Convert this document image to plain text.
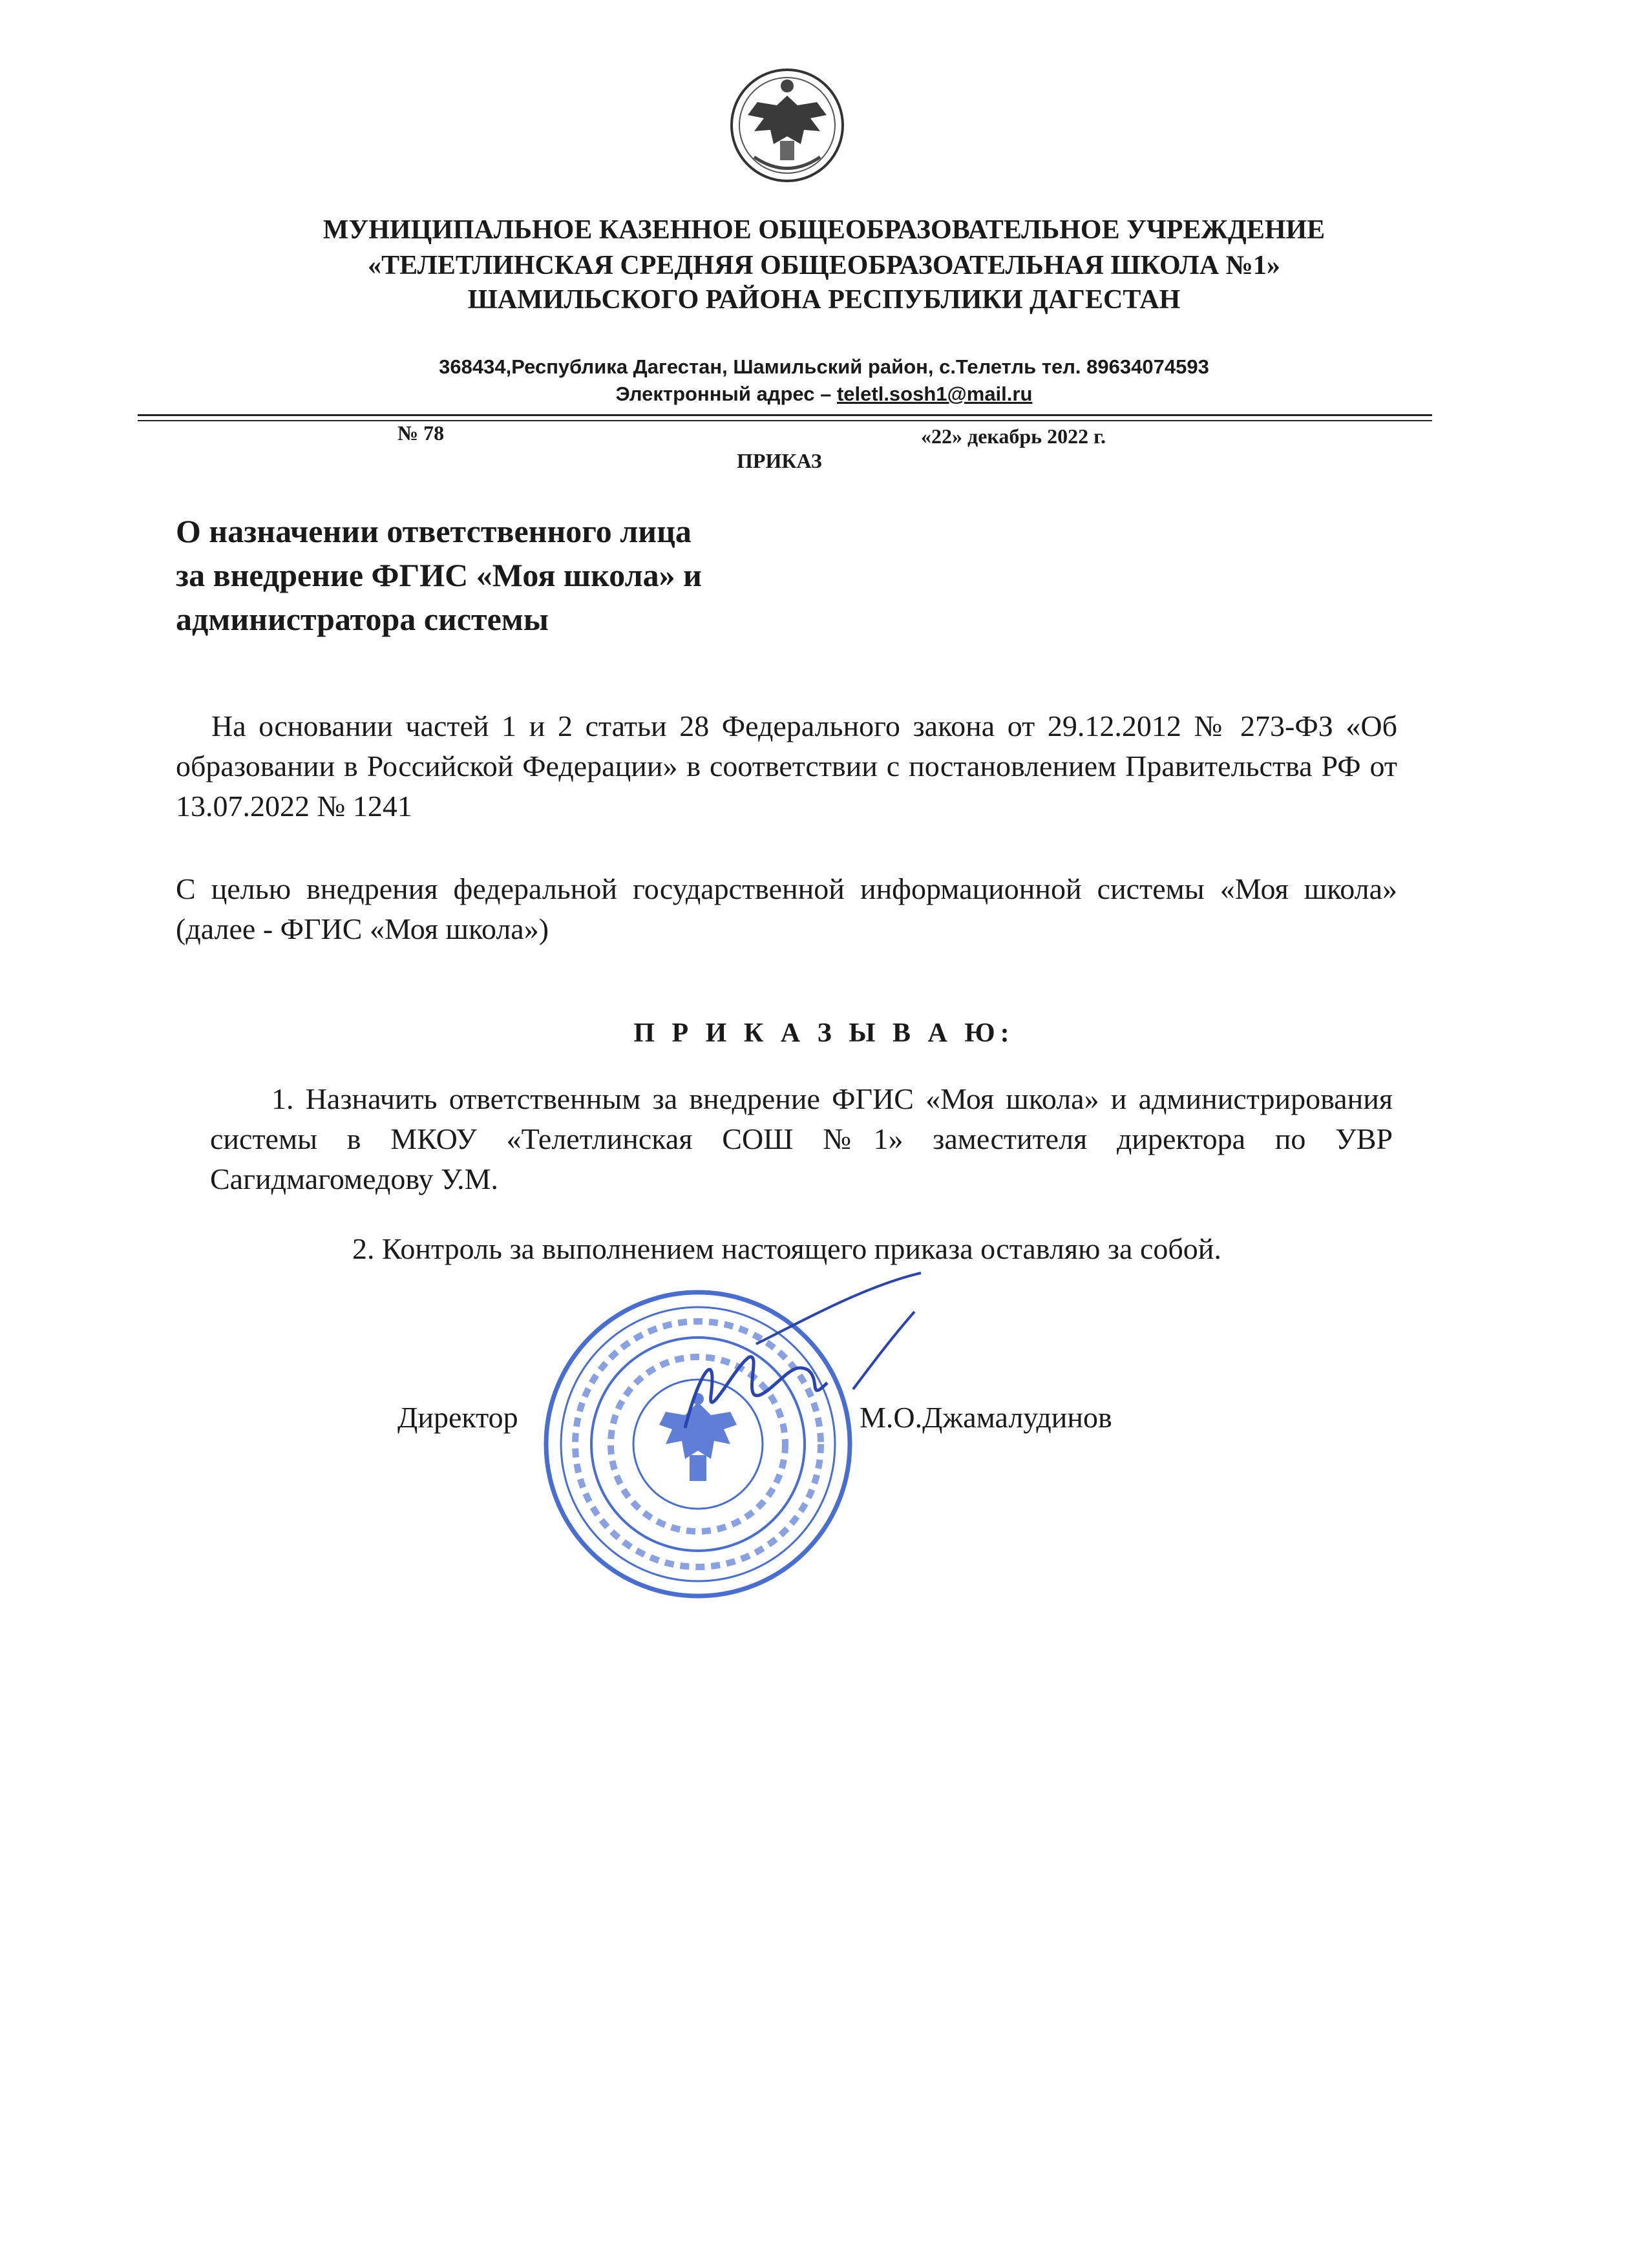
МУНИЦИПАЛЬНОЕ КАЗЕННОЕ ОБЩЕОБРАЗОВАТЕЛЬНОЕ УЧРЕЖДЕНИЕ
«ТЕЛЕТЛИНСКАЯ СРЕДНЯЯ ОБЩЕОБРАЗОАТЕЛЬНАЯ ШКОЛА №1»
ШАМИЛЬСКОГО РАЙОНА РЕСПУБЛИКИ ДАГЕСТАН
368434,Республика Дагестан, Шамильский район, с.Телетль тел. 89634074593
Электронный адрес – teletl.sosh1@mail.ru
№ 78	«22» декабрь 2022 г.
ПРИКАЗ
О назначении ответственного лица
за внедрение ФГИС «Моя школа» и
администратора системы
На основании частей 1 и 2 статьи 28 Федерального закона от 29.12.2012 № 273-ФЗ «Об образовании в Российской Федерации» в соответствии с постановлением Правительства РФ от 13.07.2022 № 1241
С целью внедрения федеральной государственной информационной системы «Моя школа» (далее - ФГИС «Моя школа»)
П Р И К А З Ы В А Ю:
1. Назначить ответственным за внедрение ФГИС «Моя школа» и администрирования системы в МКОУ «Телетлинская СОШ №1» заместителя директора по УВР Сагидмагомедову У.М.
2. Контроль за выполнением настоящего приказа оставляю за собой.
Директор	М.О.Джамалудинов
